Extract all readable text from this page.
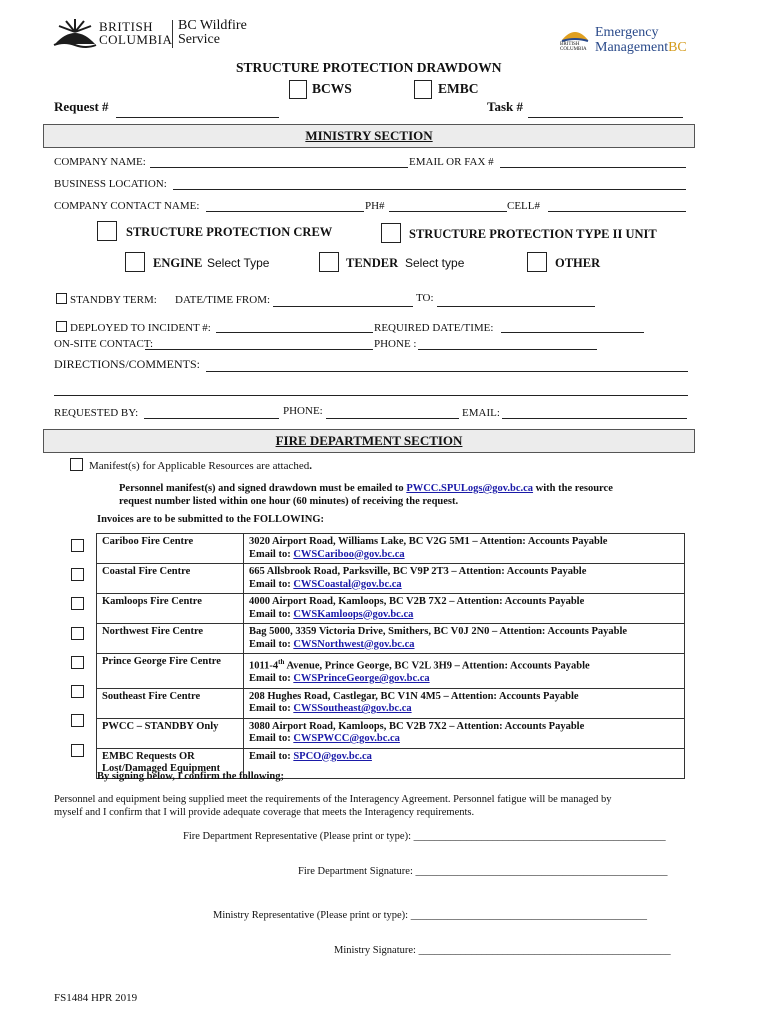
BRITISH
COLUMBIA
BC Wildfire
Service	BRITISH
COLUMBIA
Emergency
ManagementBC
STRUCTURE PROTECTION DRAWDOWN
BCWS	EMBC
Request #	Task #
MINISTRY SECTION
COMPANY NAME:	EMAIL OR FAX #
BUSINESS LOCATION:
COMPANY CONTACT NAME:	PH#	CELL#
STRUCTURE PROTECTION CREW	STRUCTURE PROTECTION TYPE II UNIT
ENGINE Select Type	TENDER Select type	OTHER
STANDBY TERM: DATE/TIME FROM:	TO:
DEPLOYED TO INCIDENT #:	REQUIRED DATE/TIME:
ON-SITE CONTACT:	PHONE :
DIRECTIONS/COMMENTS:
REQUESTED BY:	PHONE:	EMAIL:
FIRE DEPARTMENT SECTION
Manifest(s) for Applicable Resources are attached.
Personnel manifest(s) and signed drawdown must be emailed to PWCC.SPULogs@gov.bc.ca with the resource
request number listed within one hour (60 minutes) of receiving the request.
Invoices are to be submitted to the FOLLOWING:
Cariboo Fire Centre	3020 Airport Road, Williams Lake, BC V2G 5M1 – Attention: Accounts Payable
Email to: CWSCariboo@gov.bc.ca

Coastal Fire Centre	665 Allsbrook Road, Parksville, BC V9P 2T3 – Attention: Accounts Payable
Email to: CWSCoastal@gov.bc.ca

Kamloops Fire Centre	4000 Airport Road, Kamloops, BC V2B 7X2 – Attention: Accounts Payable
Email to: CWSKamloops@gov.bc.ca

Northwest Fire Centre	Bag 5000, 3359 Victoria Drive, Smithers, BC V0J 2N0 – Attention: Accounts Payable
Email to: CWSNorthwest@gov.bc.ca

Prince George Fire Centre	1011-4th Avenue, Prince George, BC V2L 3H9 – Attention: Accounts Payable
Email to: CWSPrinceGeorge@gov.bc.ca

Southeast Fire Centre	208 Hughes Road, Castlegar, BC V1N 4M5 – Attention: Accounts Payable
Email to: CWSSoutheast@gov.bc.ca

PWCC – STANDBY Only	3080 Airport Road, Kamloops, BC V2B 7X2 – Attention: Accounts Payable
Email to: CWSPWCC@gov.bc.ca

EMBC Requests OR
Lost/Damaged Equipment	Email to: SPCO@gov.bc.ca
By signing below, I confirm the following;
Personnel and equipment being supplied meet the requirements of the Interagency Agreement. Personnel fatigue will be managed by
myself and I confirm that I will provide adequate coverage that meets the Interagency requirements.
Fire Department Representative (Please print or type): ________________________________________________
Fire Department Signature: ________________________________________________
Ministry Representative (Please print or type): _____________________________________________
Ministry Signature: ________________________________________________
FS1484 HPR 2019
